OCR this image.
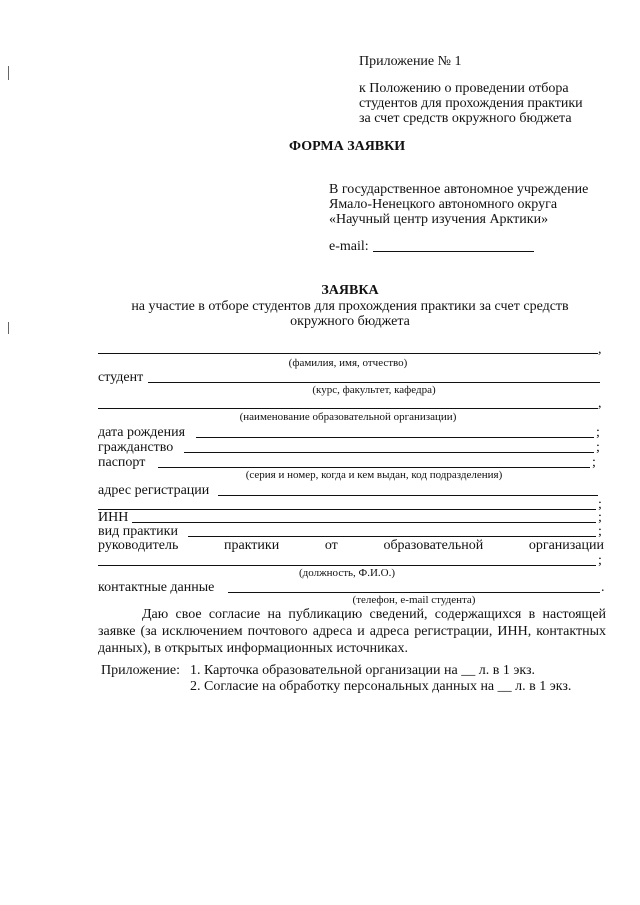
Приложение № 1
к Положению о проведении отбора
студентов для прохождения практики
за счет средств окружного бюджета
ФОРМА ЗАЯВКИ
В государственное автономное учреждение
Ямало-Ненецкого автономного округа
«Научный центр изучения Арктики»
e-mail:
ЗАЯВКА
на участие в отборе студентов для прохождения практики за счет средств
окружного бюджета
,
(фамилия, имя, отчество)
студент
(курс, факультет, кафедра)
,
(наименование образовательной организации)
дата рождения	;
гражданство	;
паспорт	;
(серия и номер, когда и кем выдан, код подразделения)
адрес регистрации
;
ИНН	;
вид практики	;
руководитель	практики	от	образовательной	организации
;
(должность, Ф.И.О.)
контактные данные	.
(телефон, e-mail студента)
Даю свое согласие на публикацию сведений, содержащихся в настоящей заявке (за исключением почтового адреса и адреса регистрации, ИНН, контактных данных), в открытых информационных источниках.
Приложение: 1. Карточка образовательной организации на __ л. в 1 экз.
2. Согласие на обработку персональных данных на __ л. в 1 экз.
